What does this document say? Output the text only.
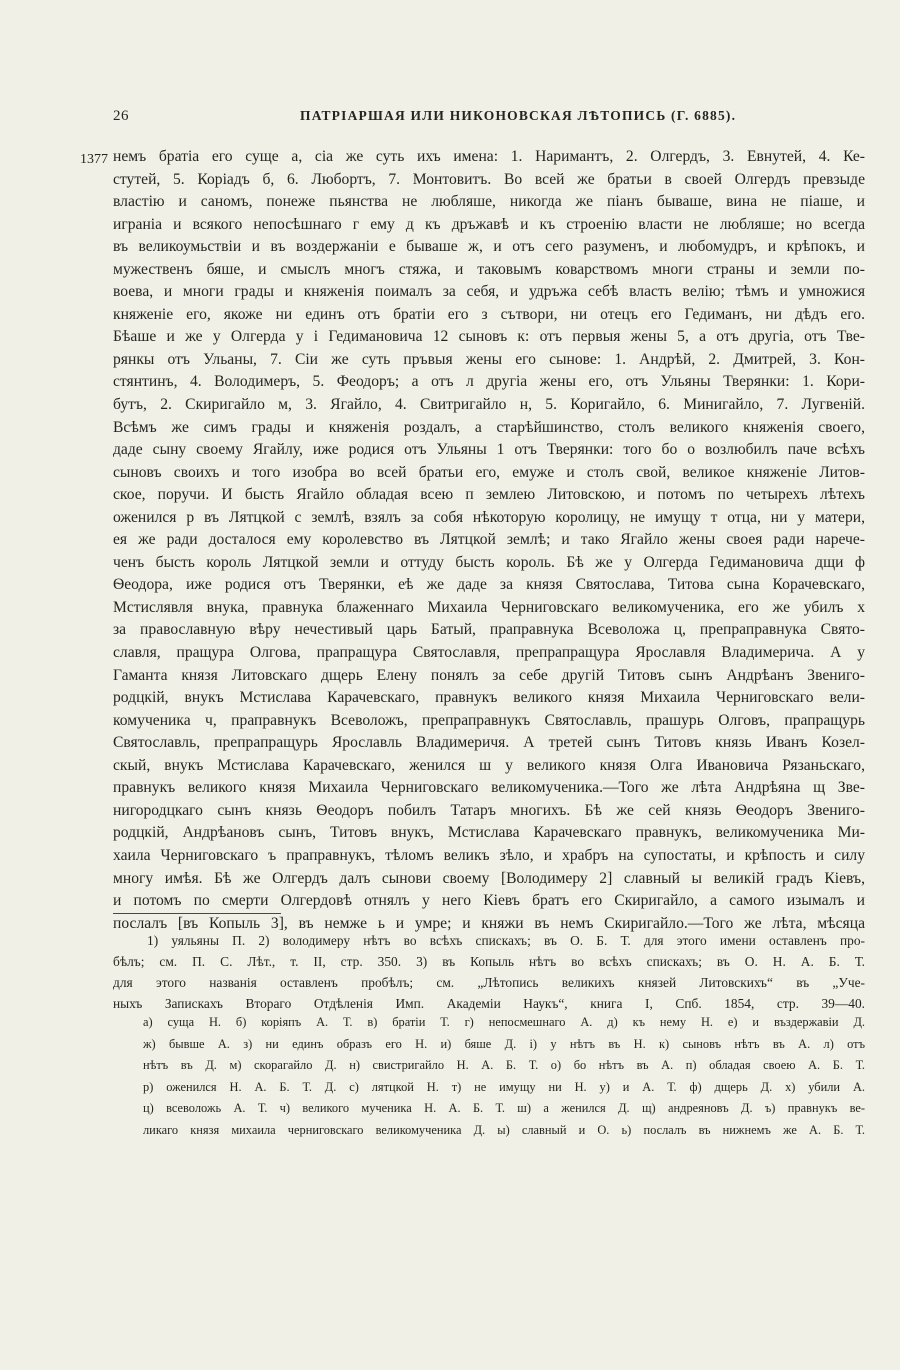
26	ПАТРІАРШАЯ ИЛИ НИКОНОВСКАЯ ЛѢТОПИСЬ (Г. 6885).
1377 немъ братіа его суще а, сіа же суть ихъ имена: 1. Наримантъ, 2. Олгердъ, 3. Евнутей, 4. Ке-
стутей, 5. Коріадъ б, 6. Любортъ, 7. Монтовитъ. Во всей же братьи в своей Олгердъ превзыде
властію и саномъ, понеже пьянства не любляше, никогда же піанъ бываше, вина не піаше, и
играніа и всякого непосѣшнаго г ему д къ дръжавѣ и къ строенію власти не любляше; но всегда
въ великоумьствіи и въ воздержаніи е бываше ж, и отъ сего разуменъ, и любомудръ, и крѣпокъ, и
мужественъ бяше, и смыслъ многъ стяжа, и таковымъ коварствомъ многи страны и земли по-
воева, и многи грады и княженія поималъ за себя, и удръжа себѣ власть велію; тѣмъ и умножися
княженіе его, якоже ни единъ отъ братіи его з сътвори, ни отецъ его Гедиманъ, ни дѣдъ его.
Бѣаше и же у Олгерда у і Гедимановича 12 сыновъ к: отъ первыя жены 5, а отъ другіа, отъ Тве-
рянкы отъ Ульаны, 7. Сіи же суть пръвыя жены его сынове: 1. Андрѣй, 2. Дмитрей, 3. Кон-
стянтинъ, 4. Володимеръ, 5. Феодоръ; а отъ л другіа жены его, отъ Ульяны Тверянки: 1. Кори-
бутъ, 2. Скиригайло м, 3. Ягайло, 4. Свитригайло н, 5. Коригайло, 6. Минигайло, 7. Лугвеній.
Всѣмъ же симъ грады и княженія роздалъ, а старѣйшинство, столъ великого княженія своего,
даде сыну своему Ягайлу, иже родися отъ Ульяны 1 отъ Тверянки: того бо о возлюбилъ паче всѣхъ
сыновъ своихъ и того изобра во всей братьи его, емуже и столъ свой, великое княженіе Литов-
ское, поручи. И бысть Ягайло обладая всею п землею Литовскою, и потомъ по четырехъ лѣтехъ
оженился р въ Лятцкой с землѣ, взялъ за собя нѣкоторую королицу, не имущу т отца, ни у матери,
ея же ради досталося ему королевство въ Лятцкой землѣ; и тако Ягайло жены своея ради нарече-
ченъ бысть король Лятцкой земли и оттуду бысть король. Бѣ же у Олгерда Гедимановича дщи ф
Ѳеодора, иже родися отъ Тверянки, еѣ же даде за князя Святослава, Титова сына Корачевскаго,
Мстислявля внука, правнука блаженнаго Михаила Черниговскаго великомученика, его же убилъ х
за православную вѣру нечестивый царь Батый, праправнука Всеволожа ц, препраправнука Свято-
славля, пращура Олгова, прапращура Святославля, препрапращура Ярославля Владимерича. А у
Гаманта князя Литовскаго дщерь Елену понялъ за себе другій Титовъ сынъ Андрѣанъ Звениго-
родцкій, внукъ Мстислава Карачевскаго, правнукъ великого князя Михаила Черниговскаго вели-
комученика ч, праправнукъ Всеволожъ, препраправнукъ Святославль, прашурь Олговъ, прапращурь
Святославль, препрапращурь Ярославль Владимеричя. А третей сынъ Титовъ князь Иванъ Козел-
скый, внукъ Мстислава Карачевскаго, женился ш у великого князя Олга Ивановича Рязаньскаго,
правнукъ великого князя Михаила Черниговскаго великомученика.—Того же лѣта Андрѣяна щ Зве-
нигородцкаго сынъ князь Ѳеодоръ побилъ Татаръ многихъ. Бѣ же сей князь Ѳеодоръ Звениго-
родцкій, Андрѣановъ сынъ, Титовъ внукъ, Мстислава Карачевскаго правнукъ, великомученика Ми-
хаила Черниговскаго ъ праправнукъ, тѣломъ великъ зѣло, и храбръ на супостаты, и крѣпость и силу
многу имѣя. Бѣ же Олгердъ далъ сынови своему [Володимеру 2] славный ы великій градъ Кіевъ,
и потомъ по смерти Олгердовѣ отнялъ у него Кіевъ братъ его Скиригайло, а самого изымалъ и
послалъ [въ Копыль 3], въ немже ь и умре; и княжи въ немъ Скиригайло.—Того же лѣта, мѣсяца
1) уяльяны П. 2) володимеру нѣтъ во всѣхъ спискахъ; въ О. Б. Т. для этого имени оставленъ про-
бѣлъ; см. П. С. Лѣт., т. II, стр. 350. 3) въ Копыль нѣтъ во всѣхъ спискахъ; въ О. Н. А. Б. Т.
для этого названія оставленъ пробѣлъ; см. „Лѣтопись великихъ князей Литовскихъ“ въ „Уче-
ныхъ Запискахъ Втораго Отдѣленія Имп. Академіи Наукъ“, книга I, Спб. 1854, стр. 39—40.
а) суща Н. б) коріяпъ А. Т. в) братіи Т. г) непосмешнаго А. д) къ нему Н. е) и въздержавіи Д.
ж) бывше А. з) ни единъ образъ его Н. и) бяше Д. і) у нѣтъ въ Н. к) сыновъ нѣтъ въ А. л) отъ
нѣтъ въ Д. м) скорагайло Д. н) свистригайло Н. А. Б. Т. о) бо нѣтъ въ А. п) обладая своею А. Б. Т.
р) оженился Н. А. Б. Т. Д. с) лятцкой Н. т) не имущу ни Н. у) и А. Т. ф) дщерь Д. х) убили А.
ц) всеволожь А. Т. ч) великого мученика Н. А. Б. Т. ш) а женился Д. щ) андреяновъ Д. ъ) правнукъ ве-
ликаго князя михаила черниговскаго великомученика Д. ы) славный и О. ь) послалъ въ нижнемъ же А. Б. Т.
